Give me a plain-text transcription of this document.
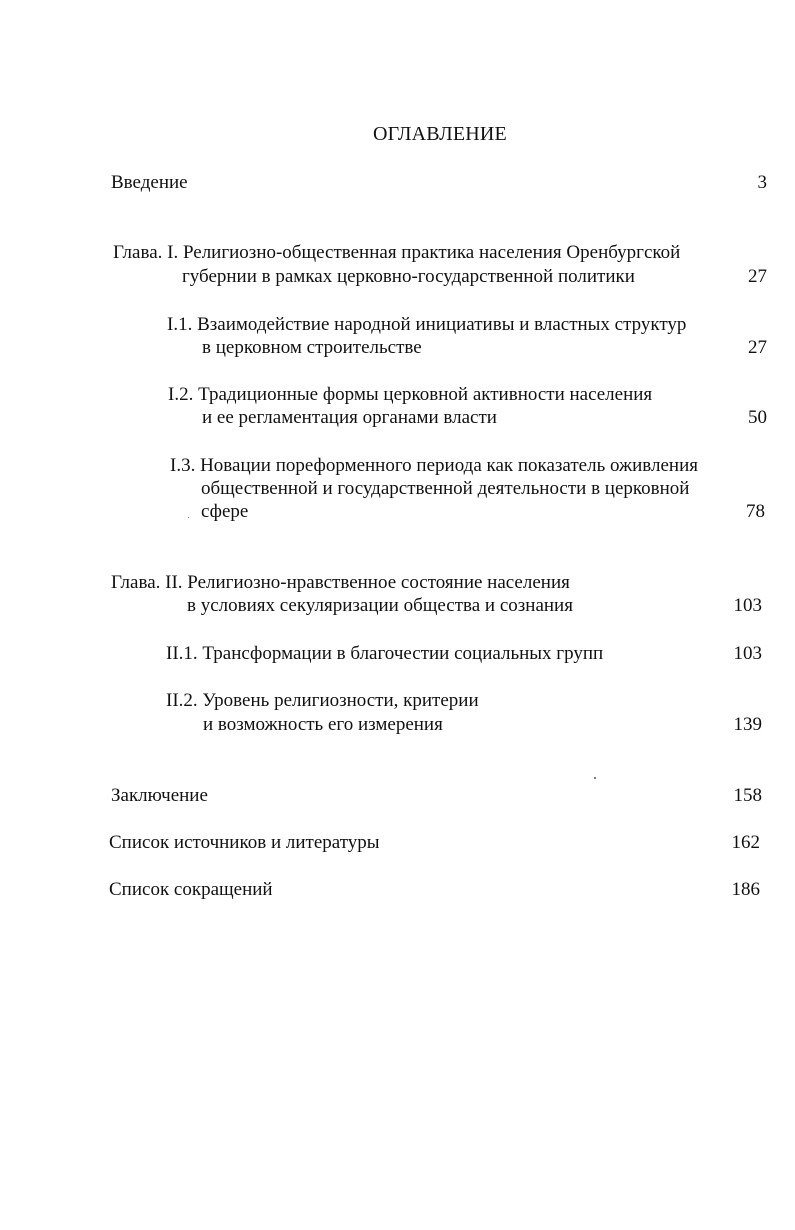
ОГЛАВЛЕНИЕ
Введение	3
Глава. I. Религиозно-общественная практика населения Оренбургской
губернии в рамках церковно-государственной политики	27
I.1. Взаимодействие народной инициативы и властных структур
в церковном строительстве	27
I.2. Традиционные формы церковной активности населения
и ее регламентация органами власти	50
I.3. Новации пореформенного периода как показатель оживления
общественной и государственной деятельности в церковной
сфере	78
Глава. II. Религиозно-нравственное состояние населения
в условиях секуляризации общества и сознания	103
II.1. Трансформации в благочестии социальных групп	103
II.2. Уровень религиозности, критерии
и возможность его измерения	139
Заключение	158
Список источников и литературы	162
Список сокращений	186
